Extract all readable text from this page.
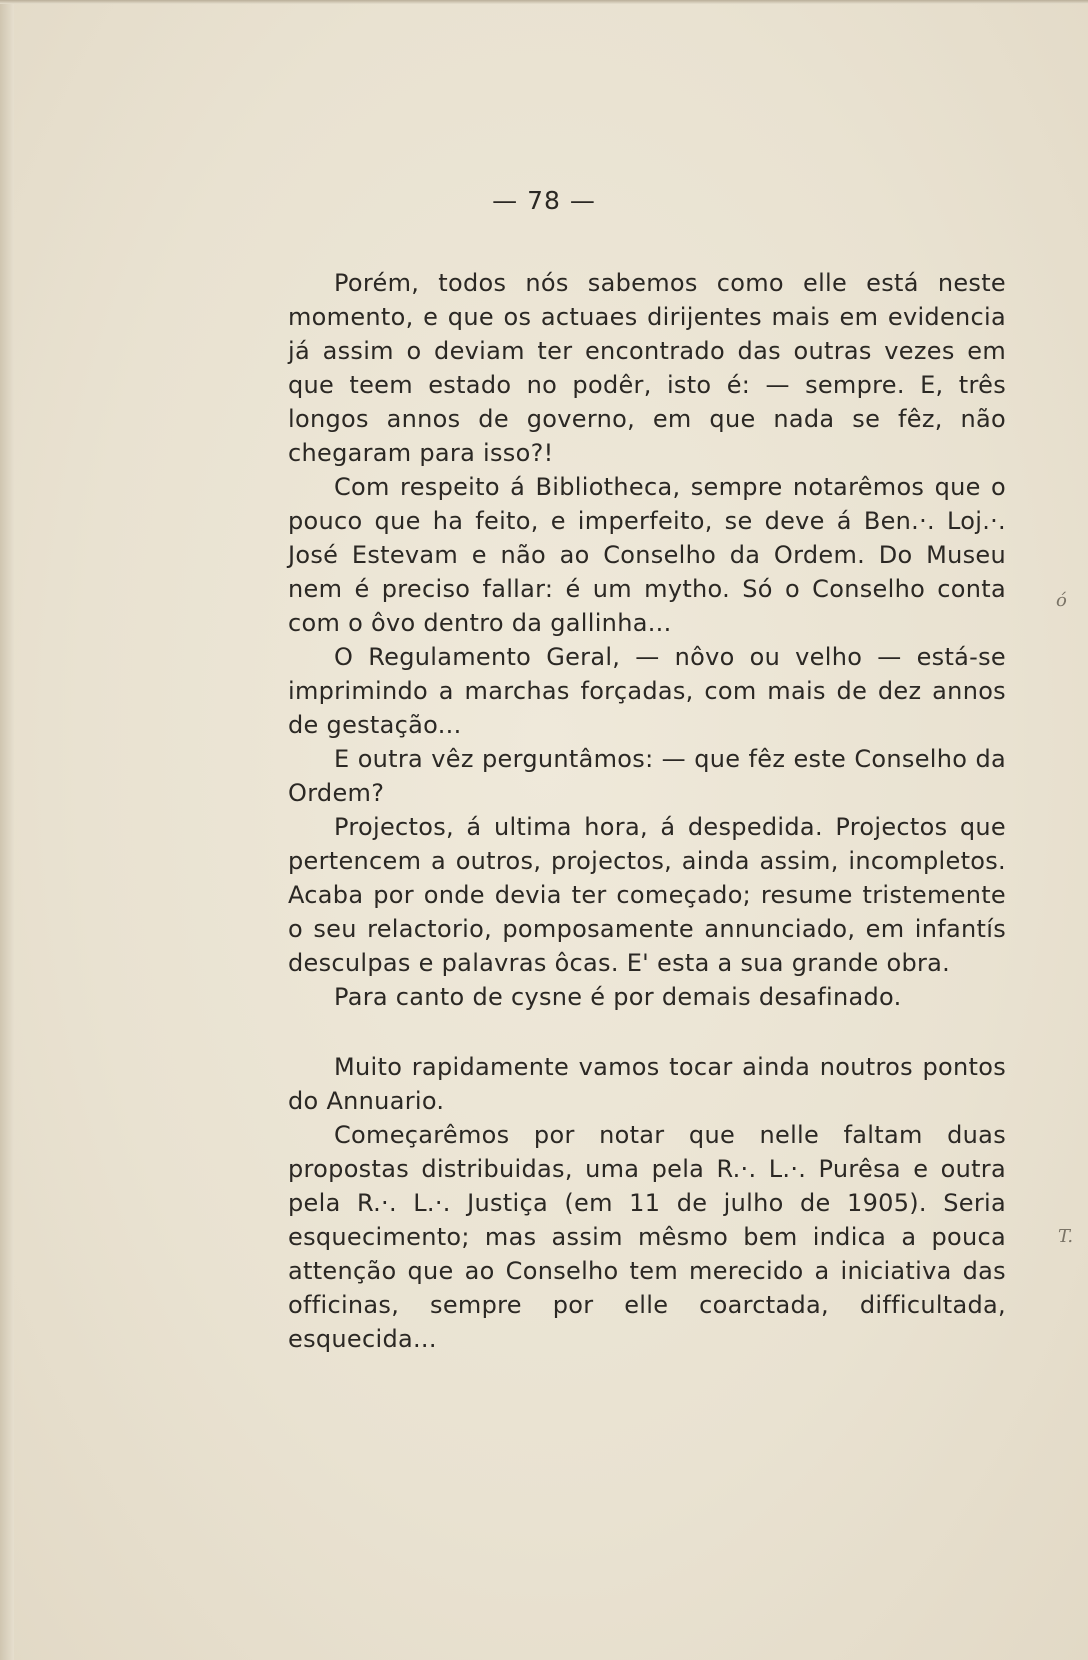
— 78 —

Porém, todos nós sabemos como elle está neste momento, e que os actuaes dirijentes mais em evidencia já assim o deviam ter encontrado das outras vezes em que teem estado no podêr, isto é: — sempre. E, três longos annos de governo, em que nada se fêz, não chegaram para isso?!

Com respeito á Bibliotheca, sempre notarêmos que o pouco que ha feito, e imperfeito, se deve á Ben.·. Loj.·. José Estevam e não ao Conselho da Ordem. Do Museu nem é preciso fallar: é um mytho. Só o Conselho conta com o ôvo dentro da gallinha...

O Regulamento Geral, — nôvo ou velho — está-se imprimindo a marchas forçadas, com mais de dez annos de gestação...

E outra vêz perguntâmos: — que fêz este Conselho da Ordem?

Projectos, á ultima hora, á despedida. Projectos que pertencem a outros, projectos, ainda assim, incompletos. Acaba por onde devia ter começado; resume tristemente o seu relactorio, pomposamente annunciado, em infantís desculpas e palavras ôcas. E' esta a sua grande obra.

Para canto de cysne é por demais desafinado.

Muito rapidamente vamos tocar ainda noutros pontos do Annuario.

Começarêmos por notar que nelle faltam duas propostas distribuidas, uma pela R.·. L.·. Purêsa e outra pela R.·. L.·. Justiça (em 11 de julho de 1905). Seria esquecimento; mas assim mêsmo bem indica a pouca attenção que ao Conselho tem merecido a iniciativa das officinas, sempre por elle coarctada, difficultada, esquecida...

ó
T.
